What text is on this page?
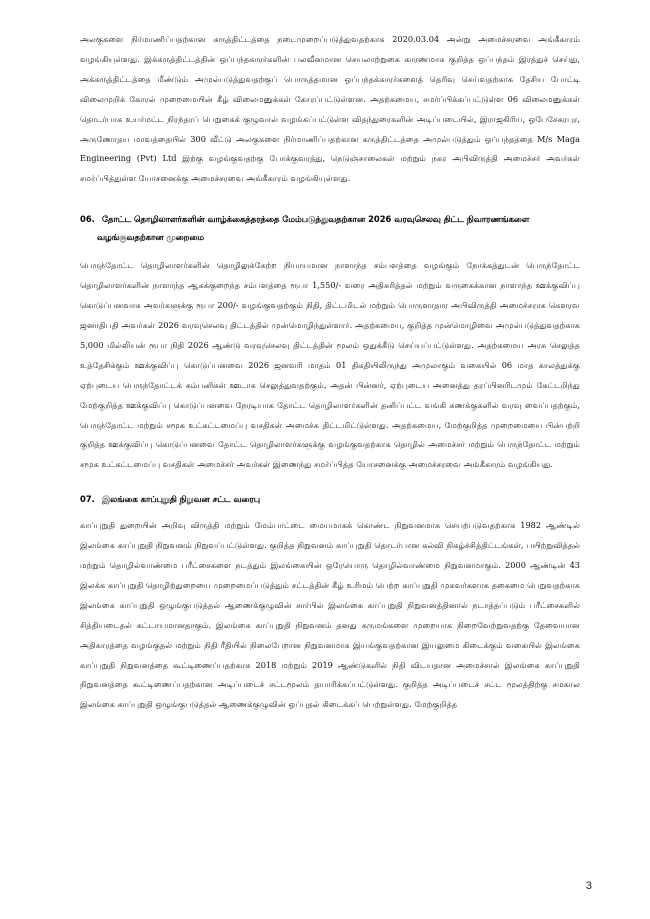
அலகுகளை நிர்மாணிப்பதற்கான கருத்திட்டத்தை நடைமுறைப்படுத்துவதற்காக 2020.03.04 அன்று அமைச்சரவை அங்கீகாரம் வழங்கியுள்ளது. இக்கருத்திட்டத்தின் ஒப்பந்தகாரர்களின் பலவீனமான செயலாற்றுகை காரணமாக குறித்த ஒப்பந்தம் இரத்துச் செய்து, அக்கருத்திட்டத்தை மீண்டும் அமுல்படுத்துவதற்குப் பொருத்தமான ஒப்பந்தக்காரர்களைத் தெரிவு செய்வதற்காக தேசிய போட்டி விலைமுறிக் கோரல் முறைமையின் கீழ் விலைமனுக்கள் கோரப்பட்டுள்ளன. அதற்கமைய, சமர்ப்பிக்கப்பட்டுள்ள 06 விலைமனுக்கள் தொடர்பாக உயர்மட்ட நிரந்தரப் பெறுகைக் குழுவால் வழங்கப்பட்டுள்ள விதந்துரைகளின் அடிப்படையில், இராஜகிரிய, ஒபேசேகரபுர, அருணோதய மாவத்தையில் 300 வீட்டு அலகுகளை நிர்மாணிப்பதற்கான கருத்திட்டத்தை அமுல்படுத்தும் ஒப்பந்தத்தை M/s Maga Engineering (Pvt) Ltd இற்கு வழங்குவதற்கு போக்குவரத்து, நெடுஞ்சாலைகள் மற்றும் நகர அபிவிருத்தி அமைச்சர் அவர்கள் சமர்ப்பித்துள்ள யோசனைக்கு அமைச்சரவை அங்கீகாரம் வழங்கியுள்ளது.

06. தோட்ட தொழிலாளர்களின் வாழ்க்கைத்தரத்தை மேம்படுத்துவதற்கான 2026 வரவுசெலவு திட்ட நிவாரணங்களை வழங்குவதற்கான முறைமை

பெருந்தோட்ட தொழிலாளர்களின் தொழிலுக்கேற்ற நியாயமான நாளாந்த சம்பளத்தை வழங்கும் நோக்கத்துடன் பெருந்தோட்ட தொழிலாளர்களின் நாளாந்த ஆகக்குறைந்த சம்பளத்தை ரூபா 1,550/- வரை அதிகரித்தல் மற்றும் வருகைக்கான நாளாந்த ஊக்குவிப்பு கொடுப்பனவாக அவர்களுக்கு ரூபா 200/- வழங்குவதற்கும் நிதி, திட்டமிடல் மற்றும் பொருளாதார அபிவிருத்தி அமைச்சராக கௌரவ ஜனாதிபதி அவர்கள் 2026 வரவுசெலவு திட்டத்தில் முன்மொழிந்துள்ளார். அதற்கமைய, குறித்த முன்மொழிவை அமுல்படுத்துவதற்காக 5,000 மில்லியன் ரூபா நிதி 2026 ஆண்டு வரவுசெலவு திட்டத்தின் மூலம் ஒதுக்கீடு செய்யப்பட்டுள்ளது. அதற்கமைய அரசு செலுத்த உத்தேசிக்கும் ஊக்குவிப்பு கொடுப்பனவை 2026 ஜனவரி மாதம் 01 திகதியிலிருந்து அமுலாகும் வகையில் 06 மாத காலத்துக்கு ஏற்புடைய பெருந்தோட்டக் கம்பனிகள் ஊடாக செலுத்துவதற்கும், அதன் பின்னர், ஏற்புடைய அனைத்து தரப்பினரிடமும் கேட்டறிந்து மேற்குறித்த ஊக்குவிப்பு கொடுப்பனவை நேரடியாக தோட்ட தொழிலாளர்களின் தனிப்பட்ட வங்கி கணக்குகளில் வரவு வைப்பதற்கும், பெருந்தோட்ட மற்றும் சமூக உட்கட்டமைப்பு வசதிகள் அமைச்சு திட்டமிட்டுள்ளது. அதற்கமைய, மேற்குறித்த முறைமையை பின்பற்றி குறித்த ஊக்குவிப்பு கொடுப்பனவை தோட்ட தொழிலாளர்களுக்கு வழங்குவதற்காக தொழில் அமைச்சர் மற்றும் பெருந்தோட்ட மற்றும் சமூக உட்கட்டமைப்பு வசதிகள் அமைச்சர் அவர்கள் இணைந்து சமர்ப்பித்த யோசனைக்கு அமைச்சரவை அங்கீகாரம் வழங்கியது.

07. இலங்கை காப்புறுதி நிறுவன சட்ட வரைபு

காப்புறுதி துறையின் அறிவு விருத்தி மற்றும் மேம்பாட்டை மையமாகக் கொண்ட நிறுவனமாக செயற்படுவதற்காக 1982 ஆண்டில் இலங்கை காப்புறுதி நிறுவனம் நிறுவப்பட்டுள்ளது. குறித்த நிறுவனம் காப்புறுதி தொடர்பான கல்வி நிகழ்ச்சித்திட்டங்கள், பயிற்றுவித்தல் மற்றும் தொழில்வாண்மை பரீட்சைகளை நடத்தும் இலங்கையின் ஒரேயொரு தொழில்வாண்மை நிறுவனமாகும். 2000 ஆண்டின் 43 இலக்க காப்புறுதி தொழிற்துறையை முறைமைப்படுத்தும் சட்டத்தின் கீழ் உரிமம் பெற்ற காப்புறுதி முகவர்களாக தகைமை பெறுவதற்காக இலங்கை காப்புறுதி ஒழுங்குபடுத்தல் ஆணைக்குழுவின் சார்பில் இலங்கை காப்புறுதி நிறுவனத்தினால் நடாத்தப்படும் பரீட்சைகளில் சித்தியடைதல் கட்டாயமானதாகும். இலங்கை காப்புறுதி நிறுவனம் தனது கருமங்களை முறையாக நிறைவேற்றுவதற்கு தேவையான அதிகாரத்தை வழங்குதல் மற்றும் நிதி ரீதியில் நிலைபேறான நிறுவனமாக இயங்குவதற்கான இயலுமை கிடைக்கும் வகையில் இலங்கை காப்புறுதி நிறுவனத்தை கூட்டிணைப்பதற்காக 2018 மற்றும் 2019 ஆண்டுகளில் நிதி விடயதான அமைச்சால் இலங்கை காப்புறுதி நிறுவனத்தை கூட்டிணைப்பதற்கான அடிப்படைச் சட்டமூலம் தயாரிக்கப்பட்டுள்ளது. குறித்த அடிப்படைச் சட்ட மூலத்திற்கு சமகால இலங்கை காப்புறுதி ஒழுங்குபடுத்தல் ஆணைக்குழுவின் ஒப்புதல் கிடைக்கப் பெற்றுள்ளது. மேற்குறித்த

3
